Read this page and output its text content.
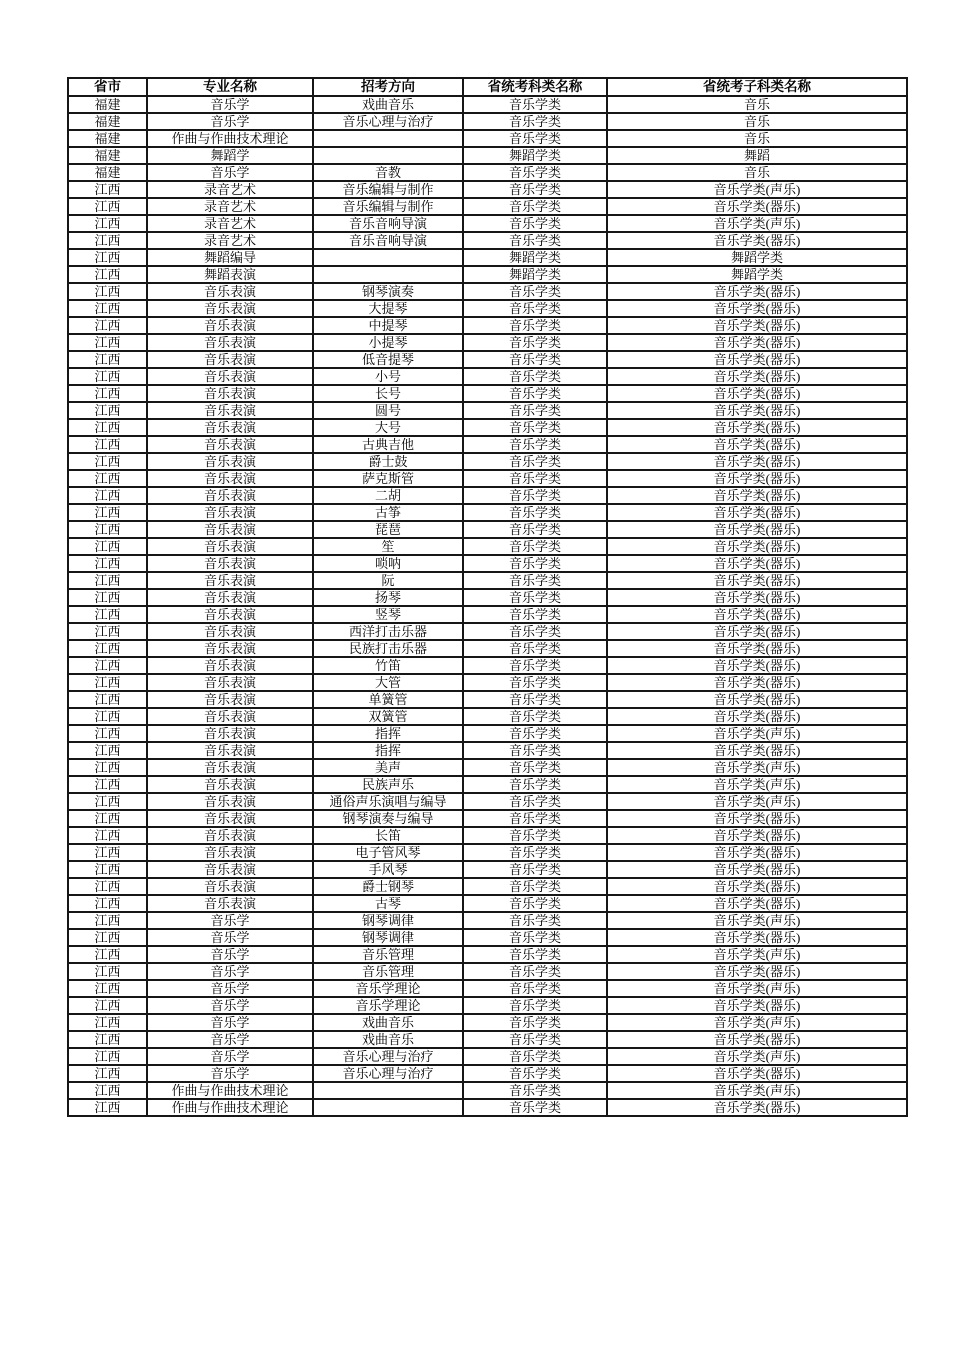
省市	专业名称	招考方向	省统考科类名称	省统考子科类名称
福建	音乐学	戏曲音乐	音乐学类	音乐
福建	音乐学	音乐心理与治疗	音乐学类	音乐
福建	作曲与作曲技术理论		音乐学类	音乐
福建	舞蹈学		舞蹈学类	舞蹈
福建	音乐学	音教	音乐学类	音乐
江西	录音艺术	音乐编辑与制作	音乐学类	音乐学类(声乐)
江西	录音艺术	音乐编辑与制作	音乐学类	音乐学类(器乐)
江西	录音艺术	音乐音响导演	音乐学类	音乐学类(声乐)
江西	录音艺术	音乐音响导演	音乐学类	音乐学类(器乐)
江西	舞蹈编导		舞蹈学类	舞蹈学类
江西	舞蹈表演		舞蹈学类	舞蹈学类
江西	音乐表演	钢琴演奏	音乐学类	音乐学类(器乐)
江西	音乐表演	大提琴	音乐学类	音乐学类(器乐)
江西	音乐表演	中提琴	音乐学类	音乐学类(器乐)
江西	音乐表演	小提琴	音乐学类	音乐学类(器乐)
江西	音乐表演	低音提琴	音乐学类	音乐学类(器乐)
江西	音乐表演	小号	音乐学类	音乐学类(器乐)
江西	音乐表演	长号	音乐学类	音乐学类(器乐)
江西	音乐表演	圆号	音乐学类	音乐学类(器乐)
江西	音乐表演	大号	音乐学类	音乐学类(器乐)
江西	音乐表演	古典吉他	音乐学类	音乐学类(器乐)
江西	音乐表演	爵士鼓	音乐学类	音乐学类(器乐)
江西	音乐表演	萨克斯管	音乐学类	音乐学类(器乐)
江西	音乐表演	二胡	音乐学类	音乐学类(器乐)
江西	音乐表演	古筝	音乐学类	音乐学类(器乐)
江西	音乐表演	琵琶	音乐学类	音乐学类(器乐)
江西	音乐表演	笙	音乐学类	音乐学类(器乐)
江西	音乐表演	唢呐	音乐学类	音乐学类(器乐)
江西	音乐表演	阮	音乐学类	音乐学类(器乐)
江西	音乐表演	扬琴	音乐学类	音乐学类(器乐)
江西	音乐表演	竖琴	音乐学类	音乐学类(器乐)
江西	音乐表演	西洋打击乐器	音乐学类	音乐学类(器乐)
江西	音乐表演	民族打击乐器	音乐学类	音乐学类(器乐)
江西	音乐表演	竹笛	音乐学类	音乐学类(器乐)
江西	音乐表演	大管	音乐学类	音乐学类(器乐)
江西	音乐表演	单簧管	音乐学类	音乐学类(器乐)
江西	音乐表演	双簧管	音乐学类	音乐学类(器乐)
江西	音乐表演	指挥	音乐学类	音乐学类(声乐)
江西	音乐表演	指挥	音乐学类	音乐学类(器乐)
江西	音乐表演	美声	音乐学类	音乐学类(声乐)
江西	音乐表演	民族声乐	音乐学类	音乐学类(声乐)
江西	音乐表演	通俗声乐演唱与编导	音乐学类	音乐学类(声乐)
江西	音乐表演	钢琴演奏与编导	音乐学类	音乐学类(器乐)
江西	音乐表演	长笛	音乐学类	音乐学类(器乐)
江西	音乐表演	电子管风琴	音乐学类	音乐学类(器乐)
江西	音乐表演	手风琴	音乐学类	音乐学类(器乐)
江西	音乐表演	爵士钢琴	音乐学类	音乐学类(器乐)
江西	音乐表演	古琴	音乐学类	音乐学类(器乐)
江西	音乐学	钢琴调律	音乐学类	音乐学类(声乐)
江西	音乐学	钢琴调律	音乐学类	音乐学类(器乐)
江西	音乐学	音乐管理	音乐学类	音乐学类(声乐)
江西	音乐学	音乐管理	音乐学类	音乐学类(器乐)
江西	音乐学	音乐学理论	音乐学类	音乐学类(声乐)
江西	音乐学	音乐学理论	音乐学类	音乐学类(器乐)
江西	音乐学	戏曲音乐	音乐学类	音乐学类(声乐)
江西	音乐学	戏曲音乐	音乐学类	音乐学类(器乐)
江西	音乐学	音乐心理与治疗	音乐学类	音乐学类(声乐)
江西	音乐学	音乐心理与治疗	音乐学类	音乐学类(器乐)
江西	作曲与作曲技术理论		音乐学类	音乐学类(声乐)
江西	作曲与作曲技术理论		音乐学类	音乐学类(器乐)
